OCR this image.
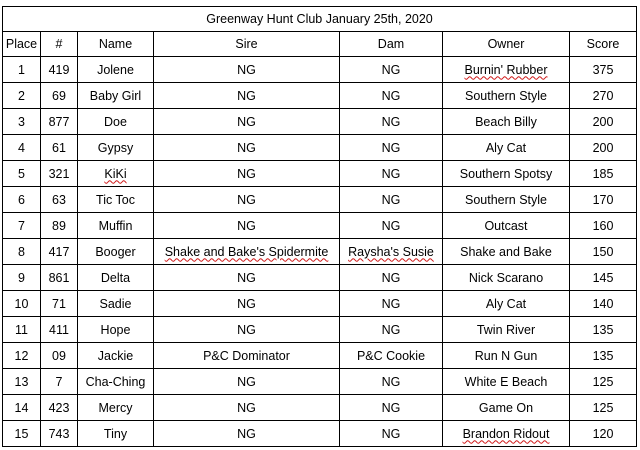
Greenway Hunt Club January 25th, 2020						
Place	#	Name	Sire	Dam	Owner	Score
1	419	Jolene	NG	NG	Burnin' Rubber	375
2	69	Baby Girl	NG	NG	Southern Style	270
3	877	Doe	NG	NG	Beach Billy	200
4	61	Gypsy	NG	NG	Aly Cat	200
5	321	KiKi	NG	NG	Southern Spotsy	185
6	63	Tic Toc	NG	NG	Southern Style	170
7	89	Muffin	NG	NG	Outcast	160
8	417	Booger	Shake and Bake's Spidermite	Raysha's Susie	Shake and Bake	150
9	861	Delta	NG	NG	Nick Scarano	145
10	71	Sadie	NG	NG	Aly Cat	140
11	411	Hope	NG	NG	Twin River	135
12	09	Jackie	P&C Dominator	P&C Cookie	Run N Gun	135
13	7	Cha-Ching	NG	NG	White E Beach	125
14	423	Mercy	NG	NG	Game On	125
15	743	Tiny	NG	NG	Brandon Ridout	120
